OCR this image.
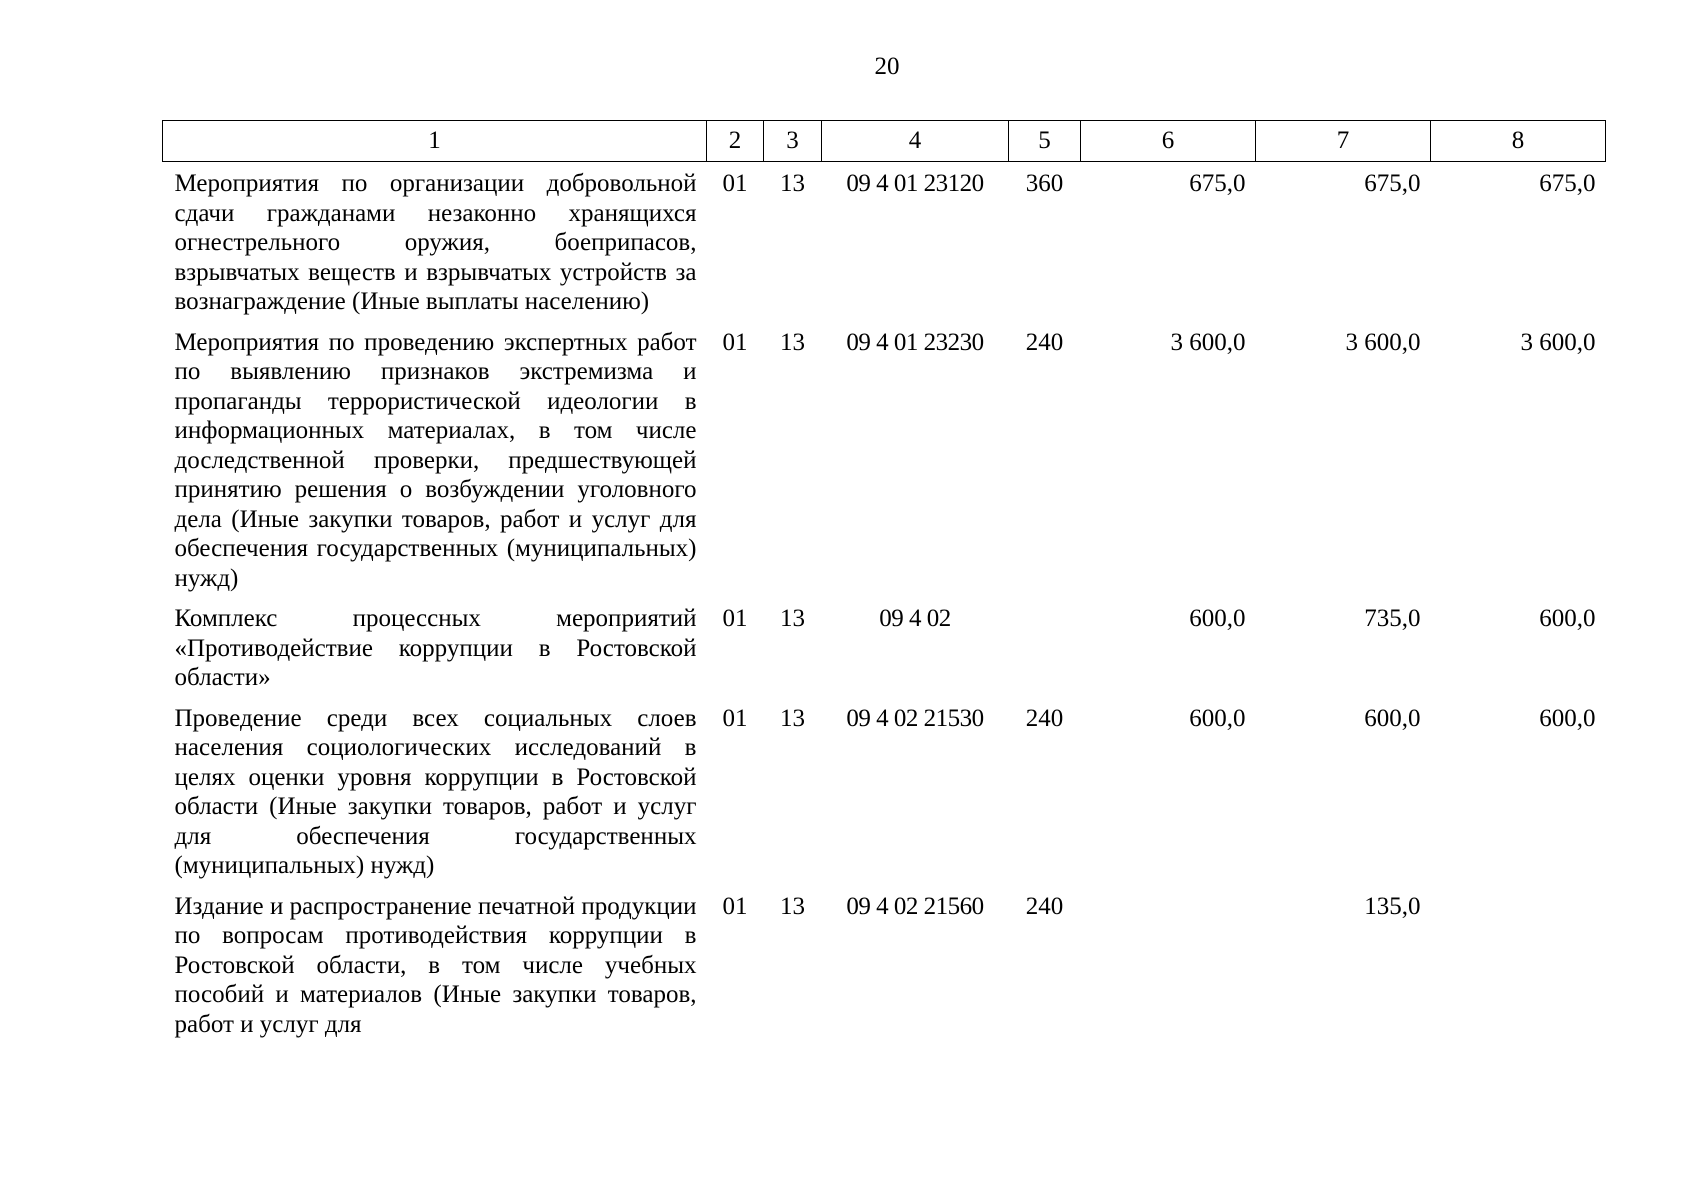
20
1	2	3	4	5	6	7	8
Мероприятия по организации добровольной сдачи гражданами незаконно хранящихся огнестрельного оружия, боеприпасов, взрывчатых веществ и взрывчатых устройств за вознаграждение (Иные выплаты населению)	01	13	09 4 01 23120	360	675,0	675,0	675,0
Мероприятия по проведению экспертных работ по выявлению признаков экстремизма и пропаганды террористической идеологии в информационных материалах, в том числе доследственной проверки, предшествующей принятию решения о возбуждении уголовного дела (Иные закупки товаров, работ и услуг для обеспечения государственных (муниципальных) нужд)	01	13	09 4 01 23230	240	3 600,0	3 600,0	3 600,0
Комплекс процессных мероприятий «Противодействие коррупции в Ростовской области»	01	13	09 4 02		600,0	735,0	600,0
Проведение среди всех социальных слоев населения социологических исследований в целях оценки уровня коррупции в Ростовской области (Иные закупки товаров, работ и услуг для обеспечения государственных (муниципальных) нужд)	01	13	09 4 02 21530	240	600,0	600,0	600,0
Издание и распространение печатной продукции по вопросам противодействия коррупции в Ростовской области, в том числе учебных пособий и материалов (Иные закупки товаров, работ и услуг для	01	13	09 4 02 21560	240		135,0	
